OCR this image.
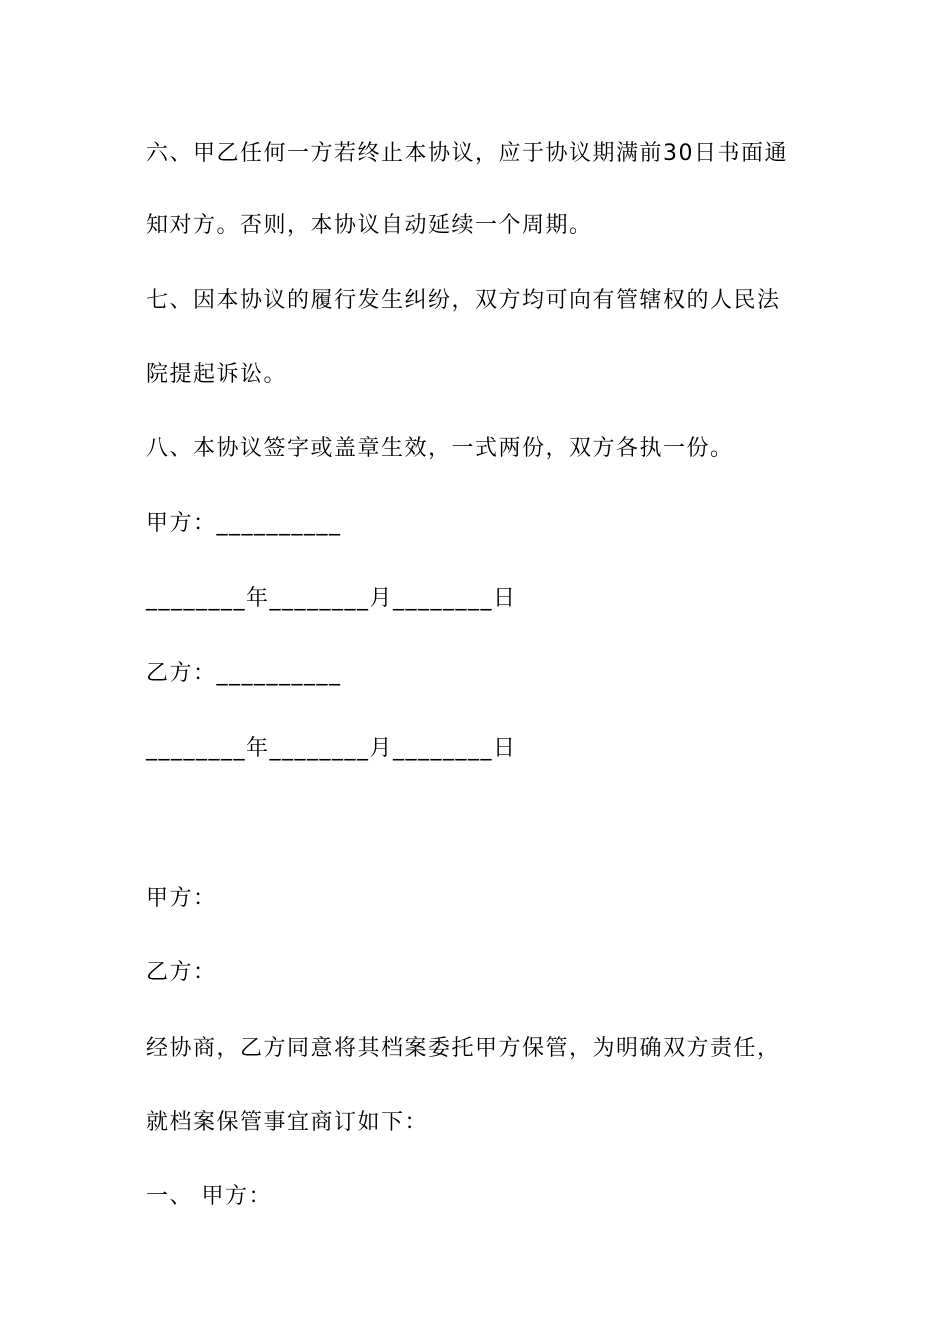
六、甲乙任何一方若终止本协议，应于协议期满前30日书面通
知对方。否则，本协议自动延续一个周期。
七、因本协议的履行发生纠纷，双方均可向有管辖权的人民法
院提起诉讼。
八、本协议签字或盖章生效，一式两份，双方各执一份。
甲方：__________
________年________月________日
乙方：__________
________年________月________日
甲方：
乙方：
经协商，乙方同意将其档案委托甲方保管，为明确双方责任，
就档案保管事宜商订如下：
一、 甲方：
